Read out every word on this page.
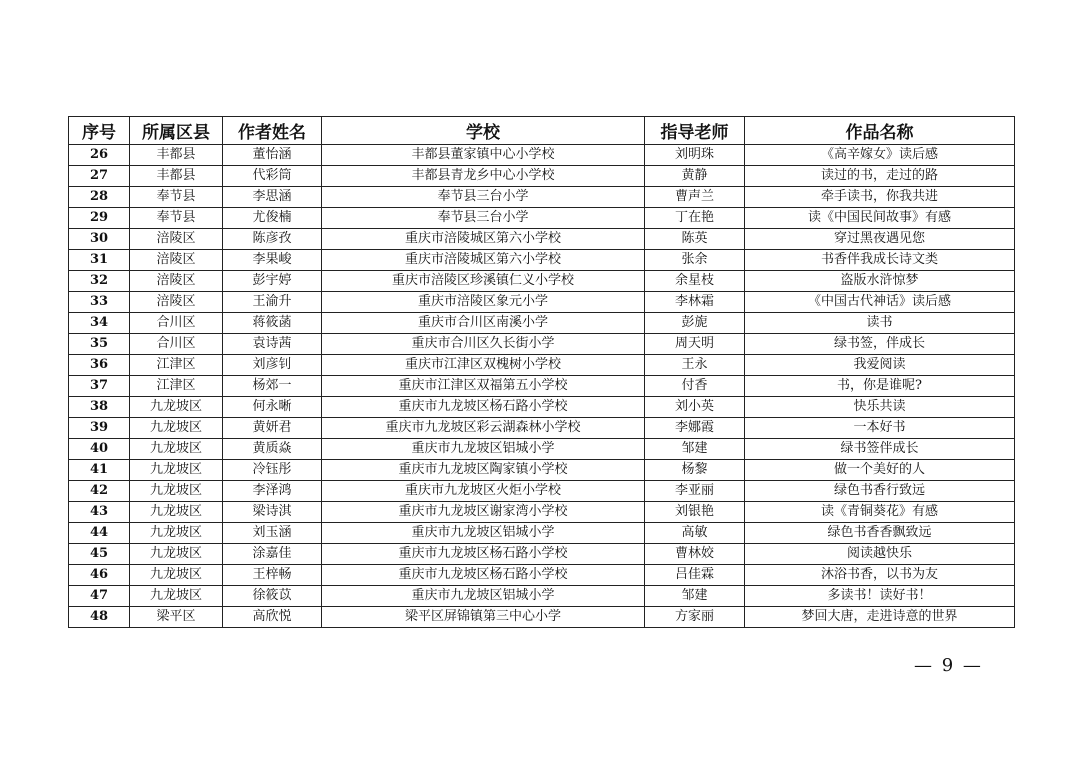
序号	所属区县	作者姓名	学校	指导老师	作品名称
26	丰都县	董怡涵	丰都县董家镇中心小学校	刘明珠	《高辛嫁女》读后感
27	丰都县	代彩筒	丰都县青龙乡中心小学校	黄静	读过的书，走过的路
28	奉节县	李思涵	奉节县三台小学	曹声兰	牵手读书，你我共进
29	奉节县	尤俊楠	奉节县三台小学	丁在艳	读《中国民间故事》有感
30	涪陵区	陈彦孜	重庆市涪陵城区第六小学校	陈英	穿过黑夜遇见您
31	涪陵区	李果峻	重庆市涪陵城区第六小学校	张余	书香伴我成长诗文类
32	涪陵区	彭宇婷	重庆市涪陵区珍溪镇仁义小学校	余星枝	盗版水浒惊梦
33	涪陵区	王渝升	重庆市涪陵区象元小学	李林霜	《中国古代神话》读后感
34	合川区	蒋筱菡	重庆市合川区南溪小学	彭旎	读书
35	合川区	袁诗茜	重庆市合川区久长街小学	周天明	绿书签，伴成长
36	江津区	刘彦钊	重庆市江津区双槐树小学校	王永	我爱阅读
37	江津区	杨郊一	重庆市江津区双福第五小学校	付香	书，你是谁呢?
38	九龙坡区	何永晰	重庆市九龙坡区杨石路小学校	刘小英	快乐共读
39	九龙坡区	黄妍君	重庆市九龙坡区彩云湖森林小学校	李娜霞	一本好书
40	九龙坡区	黄质焱	重庆市九龙坡区铝城小学	邹建	绿书签伴成长
41	九龙坡区	冷钰彤	重庆市九龙坡区陶家镇小学校	杨黎	做一个美好的人
42	九龙坡区	李泽鸿	重庆市九龙坡区火炬小学校	李亚丽	绿色书香行致远
43	九龙坡区	梁诗淇	重庆市九龙坡区谢家湾小学校	刘银艳	读《青铜葵花》有感
44	九龙坡区	刘玉涵	重庆市九龙坡区铝城小学	高敏	绿色书香香飘致远
45	九龙坡区	涂嘉佳	重庆市九龙坡区杨石路小学校	曹林姣	阅读越快乐
46	九龙坡区	王梓畅	重庆市九龙坡区杨石路小学校	吕佳霖	沐浴书香，以书为友
47	九龙坡区	徐筱苡	重庆市九龙坡区铝城小学	邹建	多读书！读好书！
48	梁平区	高欣悦	梁平区屏锦镇第三中心小学	方家丽	梦回大唐，走进诗意的世界
— 9 —
